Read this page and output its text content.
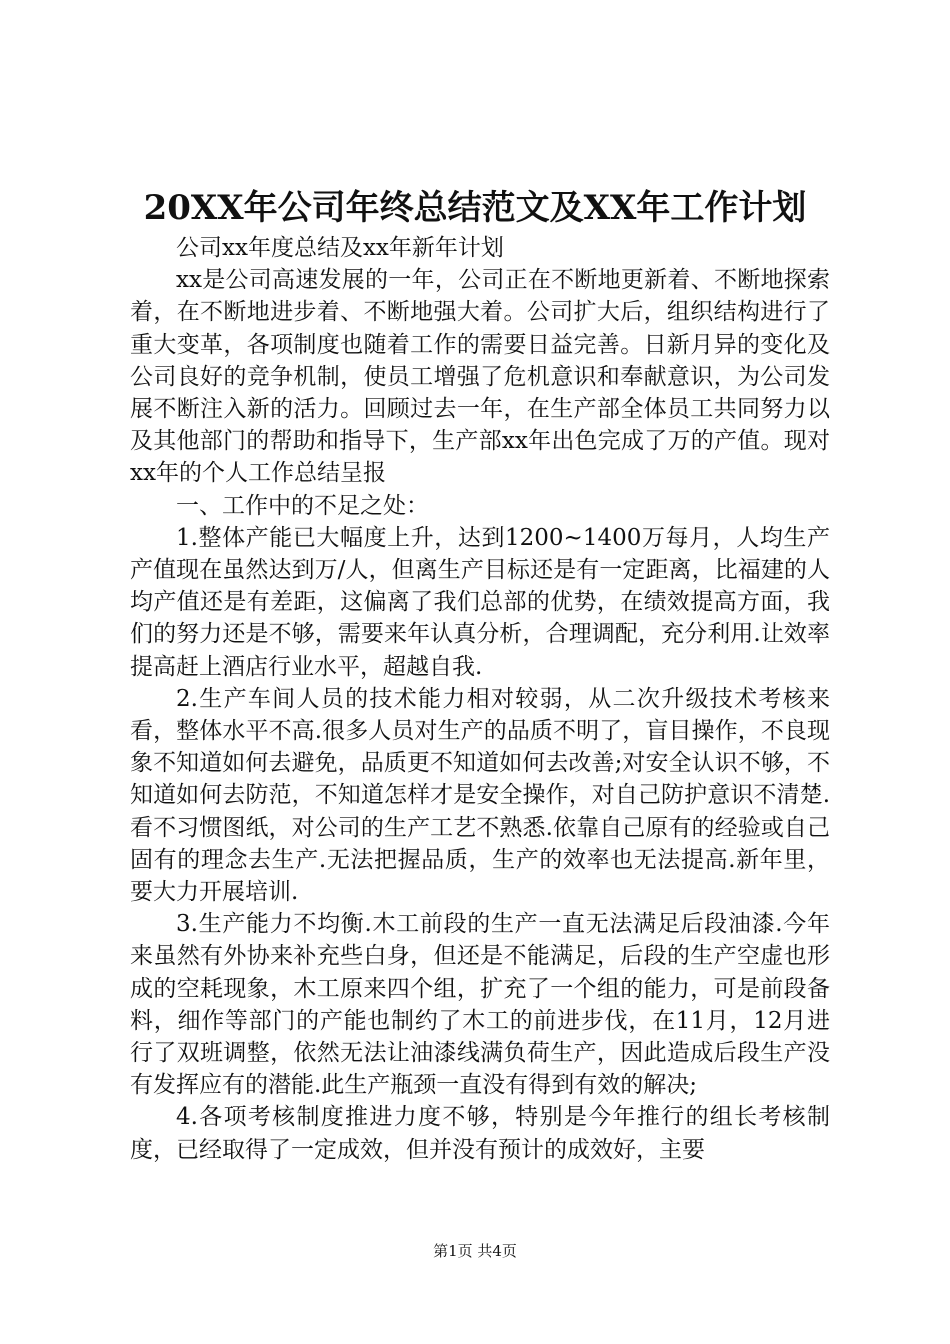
20XX年公司年终总结范文及XX年工作计划

公司xx年度总结及xx年新年计划

xx是公司高速发展的一年，公司正在不断地更新着、不断地探索着，在不断地进步着、不断地强大着。公司扩大后，组织结构进行了重大变革，各项制度也随着工作的需要日益完善。日新月异的变化及公司良好的竞争机制，使员工增强了危机意识和奉献意识，为公司发展不断注入新的活力。回顾过去一年，在生产部全体员工共同努力以及其他部门的帮助和指导下，生产部xx年出色完成了万的产值。现对xx年的个人工作总结呈报

一、工作中的不足之处：

1.整体产能已大幅度上升，达到1200~1400万每月，人均生产产值现在虽然达到万/人，但离生产目标还是有一定距离，比福建的人均产值还是有差距，这偏离了我们总部的优势，在绩效提高方面，我们的努力还是不够，需要来年认真分析，合理调配，充分利用.让效率提高赶上酒店行业水平，超越自我.

2.生产车间人员的技术能力相对较弱，从二次升级技术考核来看，整体水平不高.很多人员对生产的品质不明了，盲目操作，不良现象不知道如何去避免，品质更不知道如何去改善;对安全认识不够，不知道如何去防范，不知道怎样才是安全操作，对自己防护意识不清楚.看不习惯图纸，对公司的生产工艺不熟悉.依靠自己原有的经验或自己固有的理念去生产.无法把握品质，生产的效率也无法提高.新年里，要大力开展培训.

3.生产能力不均衡.木工前段的生产一直无法满足后段油漆.今年来虽然有外协来补充些白身，但还是不能满足，后段的生产空虚也形成的空耗现象，木工原来四个组，扩充了一个组的能力，可是前段备料，细作等部门的产能也制约了木工的前进步伐，在11月，12月进行了双班调整，依然无法让油漆线满负荷生产，因此造成后段生产没有发挥应有的潜能.此生产瓶颈一直没有得到有效的解决;

4.各项考核制度推进力度不够，特别是今年推行的组长考核制度，已经取得了一定成效，但并没有预计的成效好，主要

第1页 共4页
